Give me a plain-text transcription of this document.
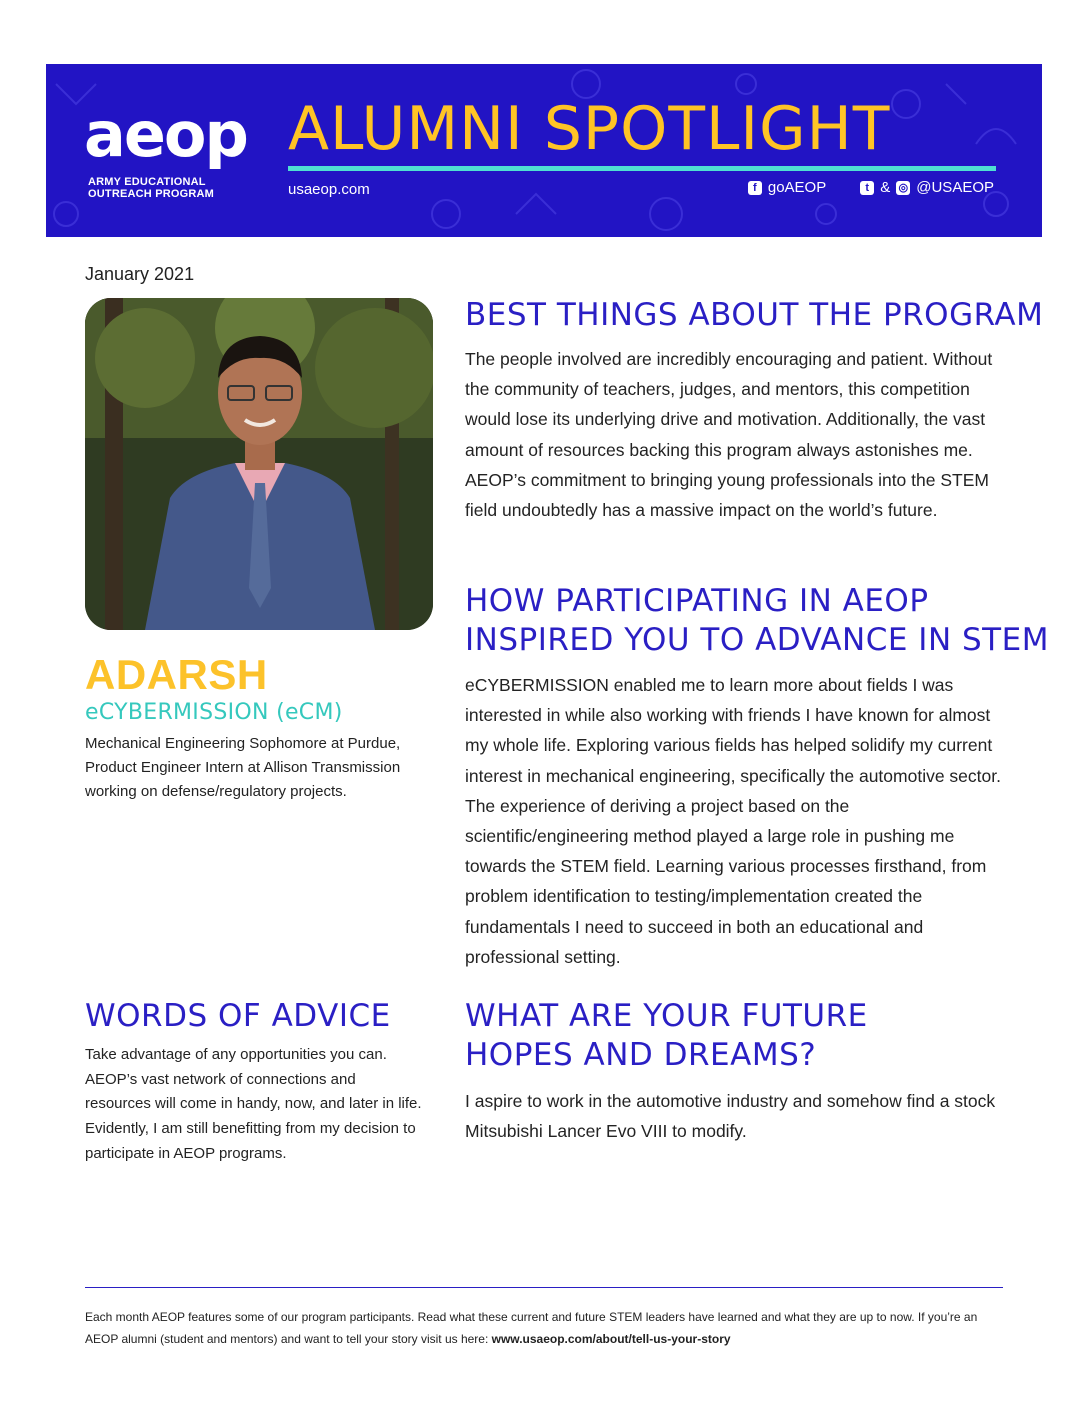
aeop
ARMY EDUCATIONAL
OUTREACH PROGRAM
ALUMNI SPOTLIGHT
usaeop.com	f goAEOP	t & ◎ @USAEOP
January 2021
ADARSH
eCYBERMISSION (eCM)
Mechanical Engineering Sophomore at Purdue, Product Engineer Intern at Allison Transmission working on defense/regulatory projects.
BEST THINGS ABOUT THE PROGRAM
The people involved are incredibly encouraging and patient. Without the community of teachers, judges, and mentors, this competition would lose its underlying drive and motivation. Additionally, the vast amount of resources backing this program always astonishes me. AEOP’s commitment to bringing young professionals into the STEM field undoubtedly has a massive impact on the world’s future.
HOW PARTICIPATING IN AEOP
INSPIRED YOU TO ADVANCE IN STEM
eCYBERMISSION enabled me to learn more about fields I was interested in while also working with friends I have known for almost my whole life. Exploring various fields has helped solidify my current interest in mechanical engineering, specifically the automotive sector. The experience of deriving a project based on the scientific/engineering method played a large role in pushing me towards the STEM field. Learning various processes firsthand, from problem identification to testing/implementation created the fundamentals I need to succeed in both an educational and professional setting.
WORDS OF ADVICE
Take advantage of any opportunities you can. AEOP’s vast network of connections and resources will come in handy, now, and later in life. Evidently, I am still benefitting from my decision to participate in AEOP programs.
WHAT ARE YOUR FUTURE
HOPES AND DREAMS?
I aspire to work in the automotive industry and somehow find a stock Mitsubishi Lancer Evo VIII to modify.
Each month AEOP features some of our program participants. Read what these current and future STEM leaders have learned and what they are up to now. If you’re an AEOP alumni (student and mentors) and want to tell your story visit us here: www.usaeop.com/about/tell-us-your-story
